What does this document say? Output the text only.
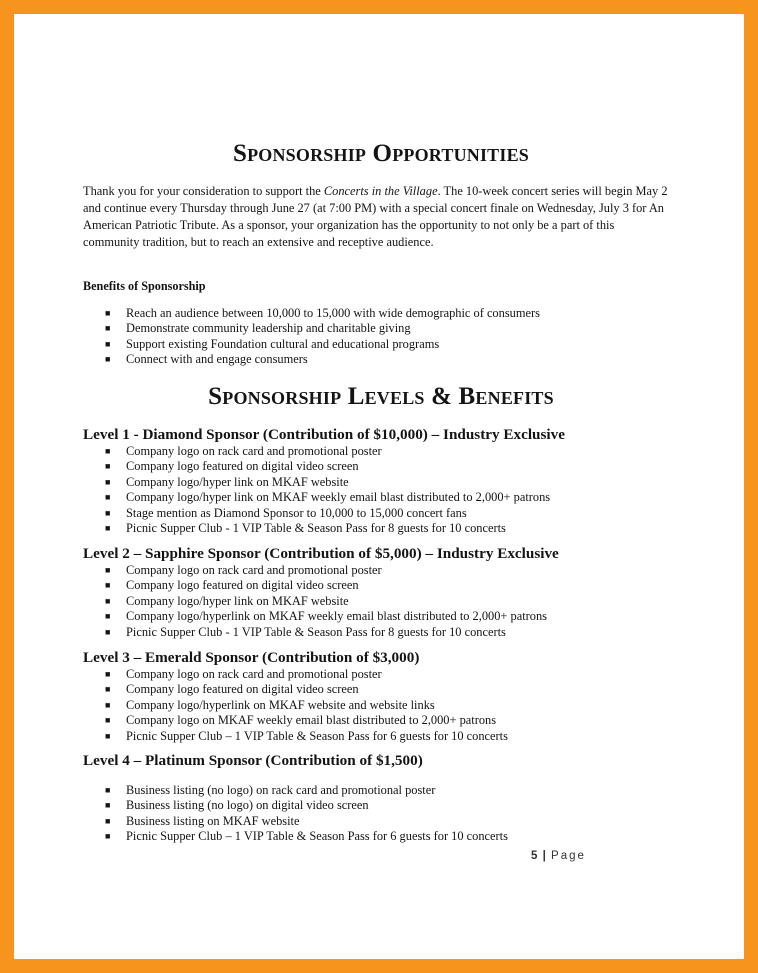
Sponsorship Opportunities

Thank you for your consideration to support the Concerts in the Village. The 10-week concert series will begin May 2 and continue every Thursday through June 27 (at 7:00 PM) with a special concert finale on Wednesday, July 3 for An American Patriotic Tribute. As a sponsor, your organization has the opportunity to not only be a part of this community tradition, but to reach an extensive and receptive audience.

Benefits of Sponsorship

■ Reach an audience between 10,000 to 15,000 with wide demographic of consumers
■ Demonstrate community leadership and charitable giving
■ Support existing Foundation cultural and educational programs
■ Connect with and engage consumers
Sponsorship Levels & Benefits

Level 1 - Diamond Sponsor (Contribution of $10,000) – Industry Exclusive

■ Company logo on rack card and promotional poster
■ Company logo featured on digital video screen
■ Company logo/hyper link on MKAF website
■ Company logo/hyper link on MKAF weekly email blast distributed to 2,000+ patrons
■ Stage mention as Diamond Sponsor to 10,000 to 15,000 concert fans
■ Picnic Supper Club - 1 VIP Table & Season Pass for 8 guests for 10 concerts

Level 2 – Sapphire Sponsor (Contribution of $5,000) – Industry Exclusive

■ Company logo on rack card and promotional poster
■ Company logo featured on digital video screen
■ Company logo/hyper link on MKAF website
■ Company logo/hyperlink on MKAF weekly email blast distributed to 2,000+ patrons
■ Picnic Supper Club - 1 VIP Table & Season Pass for 8 guests for 10 concerts

Level 3 – Emerald Sponsor (Contribution of $3,000)

■ Company logo on rack card and promotional poster
■ Company logo featured on digital video screen
■ Company logo/hyperlink on MKAF website and website links
■ Company logo on MKAF weekly email blast distributed to 2,000+ patrons
■ Picnic Supper Club – 1 VIP Table & Season Pass for 6 guests for 10 concerts

Level 4 – Platinum Sponsor (Contribution of $1,500)

■ Business listing (no logo) on rack card and promotional poster
■ Business listing (no logo) on digital video screen
■ Business listing on MKAF website
■ Picnic Supper Club – 1 VIP Table & Season Pass for 6 guests for 10 concerts
5 | Page
